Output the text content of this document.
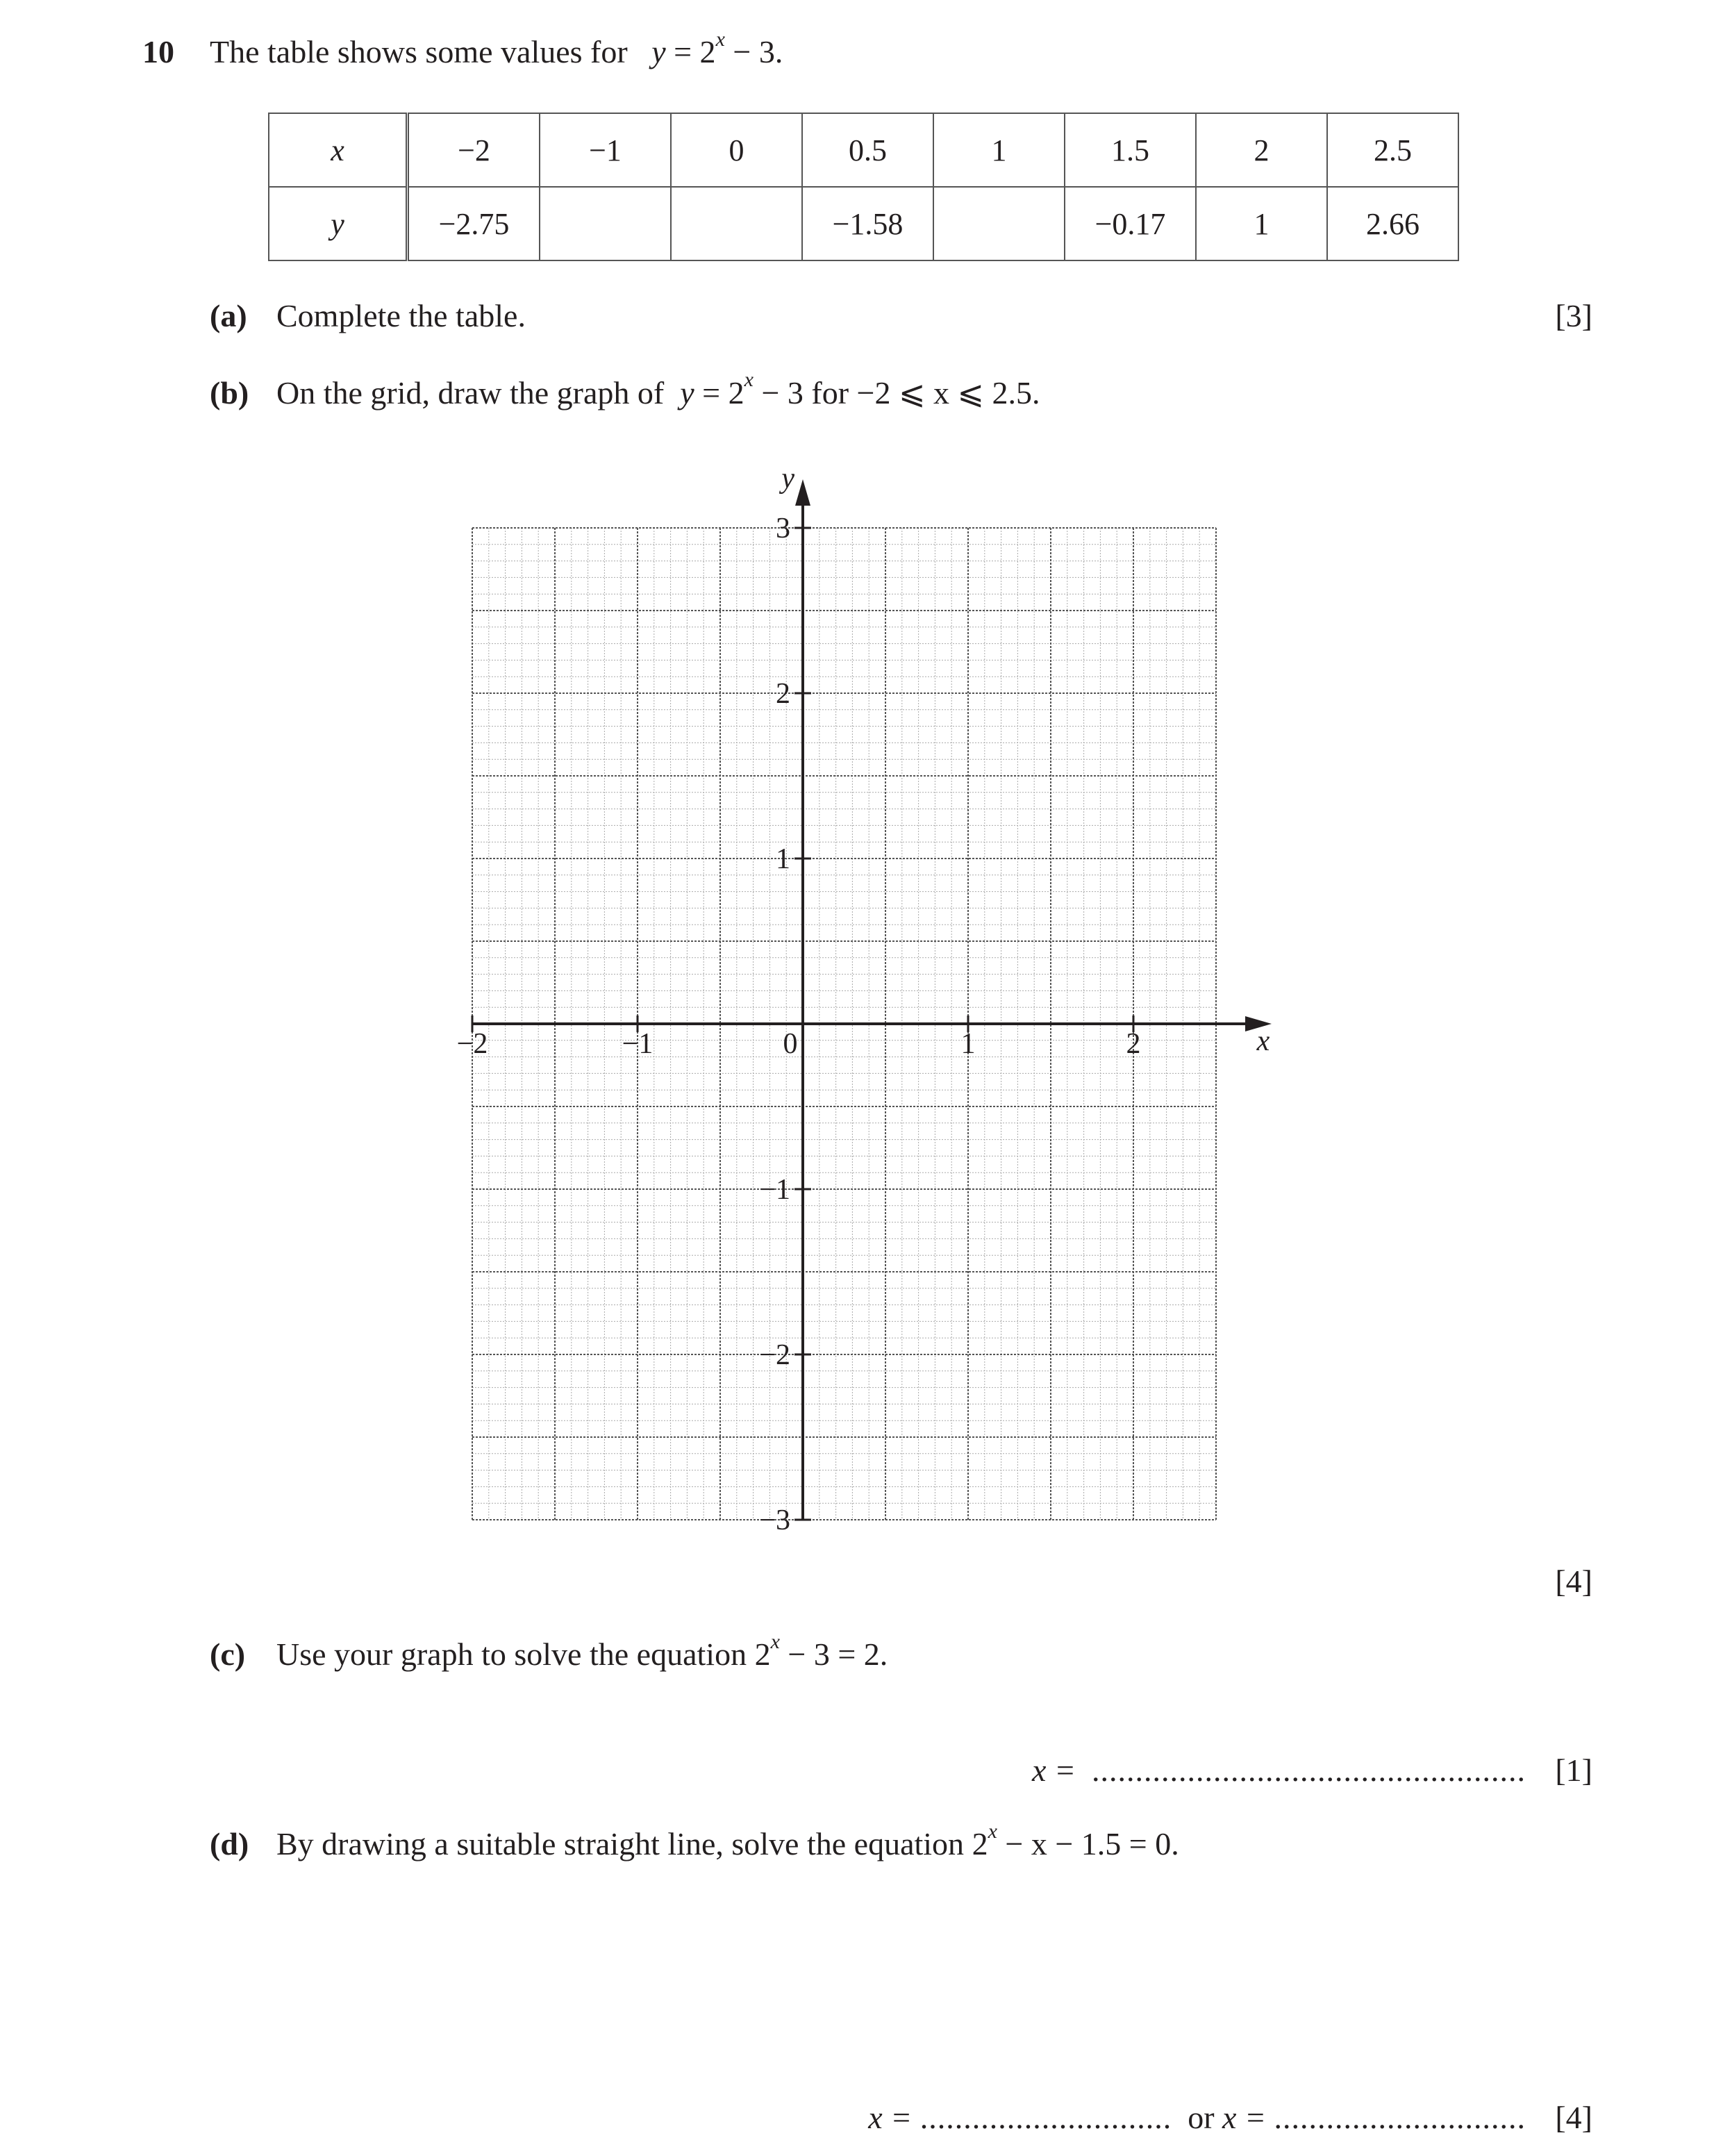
10 The table shows some values for $y = 2^x - 3$.
x	−2	−1	0	0.5	1	1.5	2	2.5
y	−2.75			−1.58		−0.17	1	2.66
(a) Complete the table.	[3]
(b) On the grid, draw the graph of $y = 2^x - 3$ for −2 ⩽ x ⩽ 2.5.
−2	−1	0	1	2
3
2
1
−1
−2
−3
x
y
[4]
(c) Use your graph to solve the equation $2^x - 3 = 2$.
x = .................................................. [1]
(d) By drawing a suitable straight line, solve the equation $2^x - x - 1.5 = 0$.
x = ............................. or x = ............................. [4]
